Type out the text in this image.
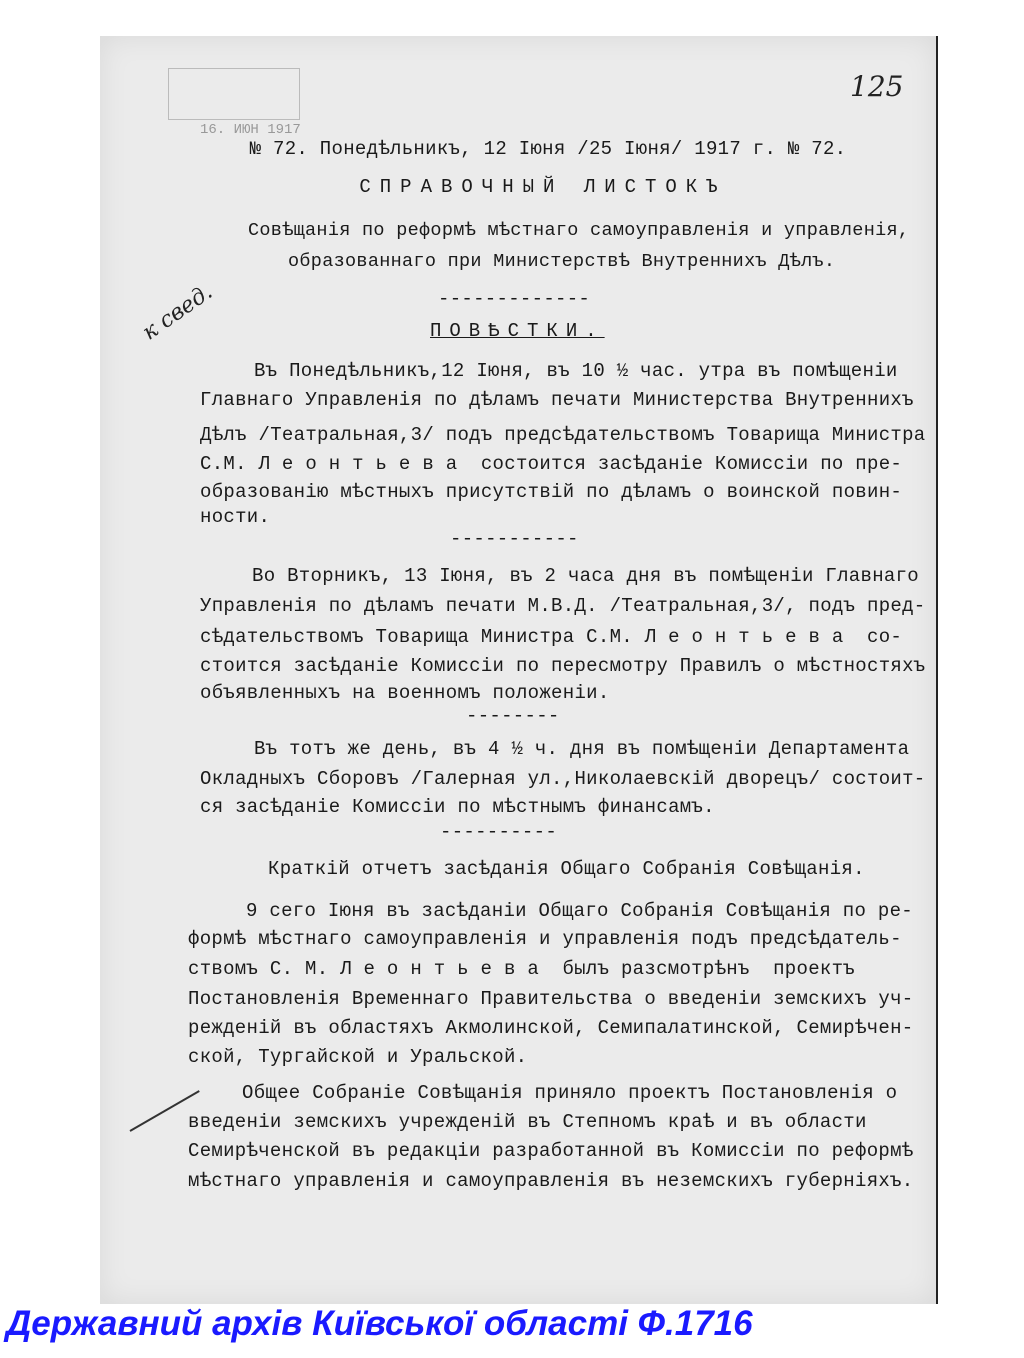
16. ИЮН 1917
125
к свед.
№ 72. Понедѣльникъ, 12 Іюня /25 Іюня/ 1917 г. № 72.
СПРАВОЧНЫЙ ЛИСТОКЪ
Совѣщанія по реформѣ мѣстнаго самоуправленія и управленія,
образованнаго при Министерствѣ Внутреннихъ Дѣлъ.
-------------
ПОВѢСТКИ.
Въ Понедѣльникъ,12 Іюня, въ 10 ½ час. утра въ помѣщеніи
Главнаго Управленія по дѣламъ печати Министерства Внутреннихъ
Дѣлъ /Театральная,3/ подъ предсѣдательствомъ Товарища Министра
С.М. Л е о н т ь е в а  состоится засѣданіе Комиссіи по пре-
образованію мѣстныхъ присутствій по дѣламъ о воинской повин-
ности.
-----------
Во Вторникъ, 13 Іюня, въ 2 часа дня въ помѣщеніи Главнаго
Управленія по дѣламъ печати М.В.Д. /Театральная,3/, подъ пред-
сѣдательствомъ Товарища Министра С.М. Л е о н т ь е в а  со-
стоится засѣданіе Комиссіи по пересмотру Правилъ о мѣстностяхъ
объявленныхъ на военномъ положеніи.
--------
Въ тотъ же день, въ 4 ½ ч. дня въ помѣщеніи Департамента
Окладныхъ Сборовъ /Галерная ул.,Николаевскій дворецъ/ состоит-
ся засѣданіе Комиссіи по мѣстнымъ финансамъ.
----------
Краткій отчетъ засѣданія Общаго Собранія Совѣщанія.
9 сего Іюня въ засѣданіи Общаго Собранія Совѣщанія по ре-
формѣ мѣстнаго самоуправленія и управленія подъ предсѣдатель-
ствомъ С. М. Л е о н т ь е в а  былъ разсмотрѣнъ  проектъ
Постановленія Временнаго Правительства о введеніи земскихъ уч-
режденій въ областяхъ Акмолинской, Семипалатинской, Семирѣчен-
ской, Тургайской и Уральской.
Общее Собраніе Совѣщанія приняло проектъ Постановленія о
введеніи земскихъ учрежденій въ Степномъ краѣ и въ области
Семирѣченской въ редакціи разработанной въ Комиссіи по реформѣ
мѣстнаго управленія и самоуправленія въ неземскихъ губерніяхъ.
Державний архів Київської області Ф.1716
